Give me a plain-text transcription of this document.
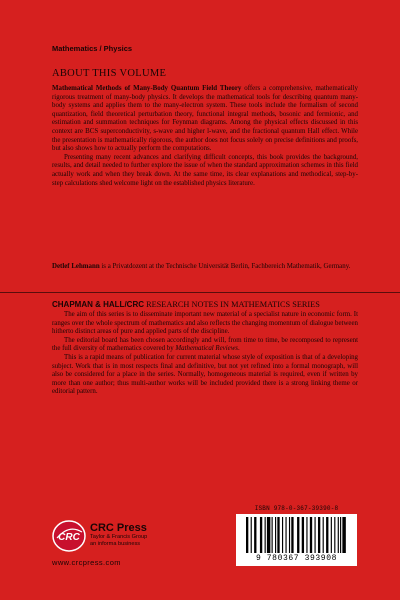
Mathematics / Physics
ABOUT THIS VOLUME

Mathematical Methods of Many-Body Quantum Field Theory offers a comprehensive, mathematically rigorous treatment of many-body physics. It develops the mathematical tools for describing quantum many-body systems and applies them to the many-electron system. These tools include the formalism of second quantization, field theoretical perturbation theory, functional integral methods, bosonic and fermionic, and estimation and summation techniques for Feynman diagrams. Among the physical effects discussed in this context are BCS superconductivity, s-wave and higher l-wave, and the fractional quantum Hall effect. While the presentation is mathematically rigorous, the author does not focus solely on precise definitions and proofs, but also shows how to actually perform the computations.

Presenting many recent advances and clarifying difficult concepts, this book provides the background, results, and detail needed to further explore the issue of when the standard approximation schemes in this field actually work and when they break down. At the same time, its clear explanations and methodical, step-by-step calculations shed welcome light on the established physics literature.

Detlef Lehmann is a Privatdozent at the Technische Universität Berlin, Fachbereich Mathematik, Germany.
CHAPMAN & HALL/CRC RESEARCH NOTES IN MATHEMATICS SERIES

The aim of this series is to disseminate important new material of a specialist nature in economic form. It ranges over the whole spectrum of mathematics and also reflects the changing momentum of dialogue between hitherto distinct areas of pure and applied parts of the discipline.

The editorial board has been chosen accordingly and will, from time to time, be recomposed to represent the full diversity of mathematics covered by Mathematical Reviews.

This is a rapid means of publication for current material whose style of exposition is that of a developing subject. Work that is in most respects final and definitive, but not yet refined into a formal monograph, will also be considered for a place in the series. Normally, homogeneous material is required, even if written by more than one author; thus multi-author works will be included provided there is a strong linking theme or editorial pattern.

CRC
CRC Press
Taylor & Francis Group
an informa business
www.crcpress.com
ISBN 978-0-367-39390-8
9 780367 393908
